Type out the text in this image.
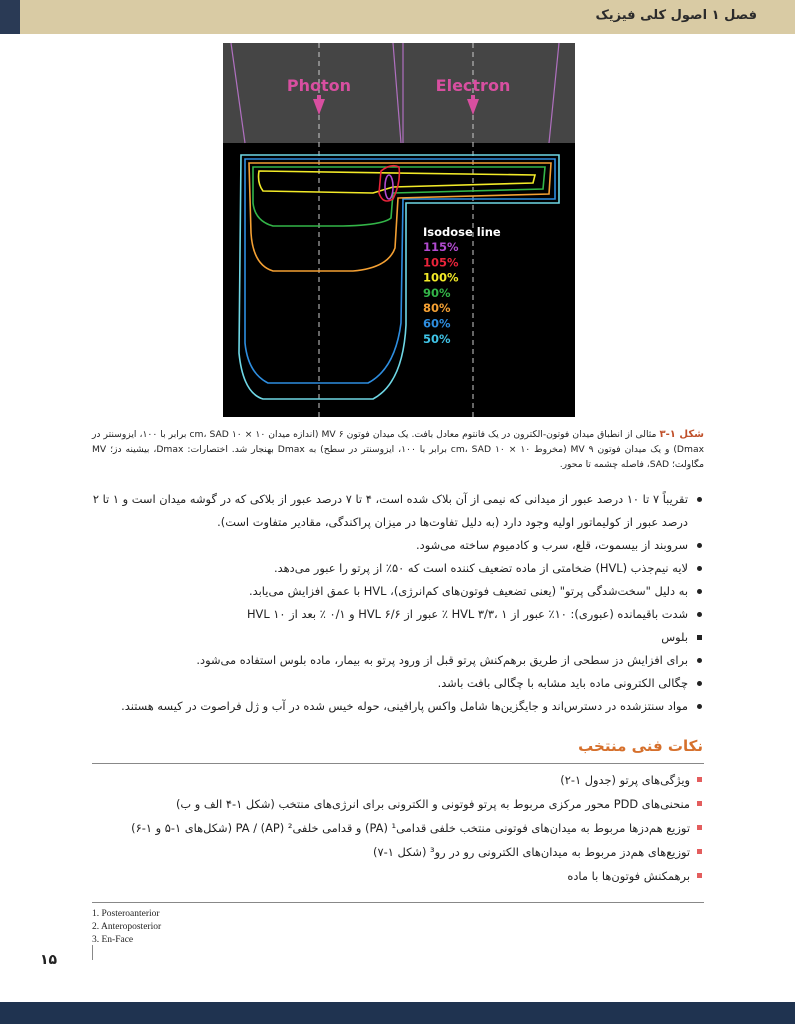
فصل ۱ اصول کلی فیزیک
Photon	Electron
Isodose line
115%
105%
100%
90%
80%
60%
50%
شکل ۱-۳ مثالی از انطباق میدان فوتون-الکترون در یک فانتوم معادل بافت. یک میدان فوتون MV ۶ (اندازه میدان ۱۰ × ۱۰ cm، SAD برابر با ۱۰۰، ایزوسنتر در Dmax) و یک میدان فوتون MV ۹ (مخروط ۱۰ × ۱۰ cm، SAD برابر با ۱۰۰، ایزوسنتر در سطح) به Dmax بهنجار شد. اختصارات: Dmax، بیشینه دز؛ MV مگاولت؛ SAD، فاصله چشمه تا محور.
تقریباً ۷ تا ۱۰ درصد عبور از میدانی که نیمی از آن بلاک شده است، ۴ تا ۷ درصد عبور از بلاکی که در گوشه میدان است و ۱ تا ۲ درصد عبور از کولیماتور اولیه وجود دارد (به دلیل تفاوت‌ها در میزان پراکندگی، مقادیر متفاوت است).
سروبند از بیسموت، قلع، سرب و کادمیوم ساخته می‌شود.
لایه نیم‌جذب (HVL) ضخامتی از ماده تضعیف کننده است که ۵۰٪ از پرتو را عبور می‌دهد.
به دلیل "سخت‌شدگی پرتو" (یعنی تضعیف فوتون‌های کم‌انرژی)، HVL با عمق افزایش می‌یابد.
شدت باقیمانده (عبوری): ۱۰٪ عبور از HVL ۳/۳، ۱ ٪ عبور از HVL ۶/۶ و ۰/۱ ٪ بعد از HVL ۱۰
بلوس
برای افزایش دز سطحی از طریق برهم‌کنش پرتو قبل از ورود پرتو به بیمار، ماده بلوس استفاده می‌شود.
چگالی الکترونی ماده باید مشابه با چگالی بافت باشد.
مواد سنتزشده در دسترس‌اند و جایگزین‌ها شامل واکس پارافینی، حوله خیس شده در آب و ژل فراصوت در کیسه هستند.
نکات فنی منتخب
ویژگی‌های پرتو (جدول ۱-۲)
منحنی‌های PDD محور مرکزی مربوط به پرتو فوتونی و الکترونی برای انرژی‌های منتخب (شکل ۱-۴ الف و ب)
توزیع هم‌دزها مربوط به میدان‌های فوتونی منتخب خلفی قدامی¹ (PA) و قدامی خلفی² (AP) / PA (شکل‌های ۱-۵ و ۱-۶)
توزیع‌های هم‌دز مربوط به میدان‌های الکترونی رو در رو³ (شکل ۱-۷)
برهمکنش فوتون‌ها با ماده
1. Posteroanterior
2. Anteroposterior
3. En-Face
۱۵
